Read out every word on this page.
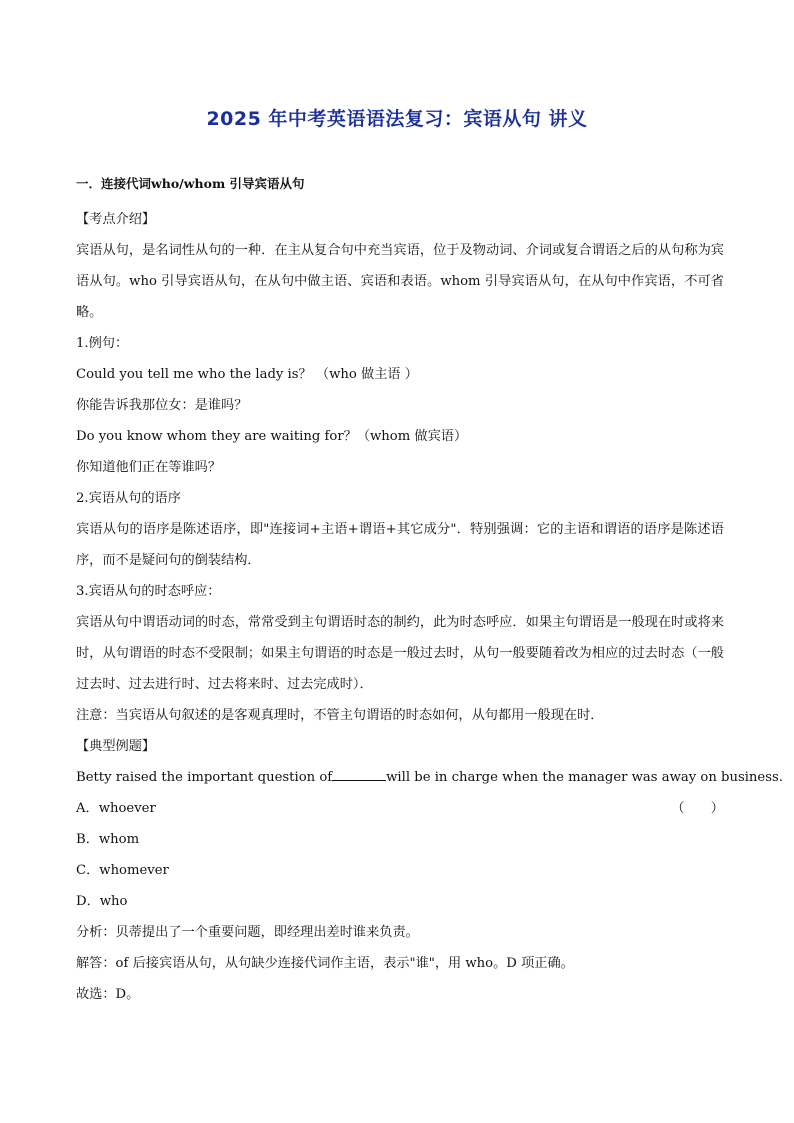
2025 年中考英语语法复习：宾语从句 讲义
一．连接代词who/whom 引导宾语从句
【考点介绍】
宾语从句，是名词性从句的一种．在主从复合句中充当宾语，位于及物动词、介词或复合谓语之后的从句称为宾语从句。who 引导宾语从句，在从句中做主语、宾语和表语。whom 引导宾语从句，在从句中作宾语，不可省略。
1.例句：
Could you tell me who the lady is？ （who 做主语 ）
你能告诉我那位女：是谁吗？
Do you know whom they are waiting for？（whom 做宾语）
你知道他们正在等谁吗？
2.宾语从句的语序
宾语从句的语序是陈述语序，即"连接词+主语+谓语+其它成分"．特别强调：它的主语和谓语的语序是陈述语序，而不是疑问句的倒装结构．
3.宾语从句的时态呼应：
宾语从句中谓语动词的时态，常常受到主句谓语时态的制约，此为时态呼应．如果主句谓语是一般现在时或将来时，从句谓语的时态不受限制；如果主句谓语的时态是一般过去时，从句一般要随着改为相应的过去时态（一般过去时、过去进行时、过去将来时、过去完成时）．
注意：当宾语从句叙述的是客观真理时，不管主句谓语的时态如何，从句都用一般现在时．
【典型例题】
Betty raised the important question of	will be in charge when the manager was away on business.
（　　）
A．whoever
B．whom
C．whomever
D．who
分析：贝蒂提出了一个重要问题，即经理出差时谁来负责。
解答：of 后接宾语从句，从句缺少连接代词作主语，表示"谁"，用 who。D 项正确。
故选：D。
